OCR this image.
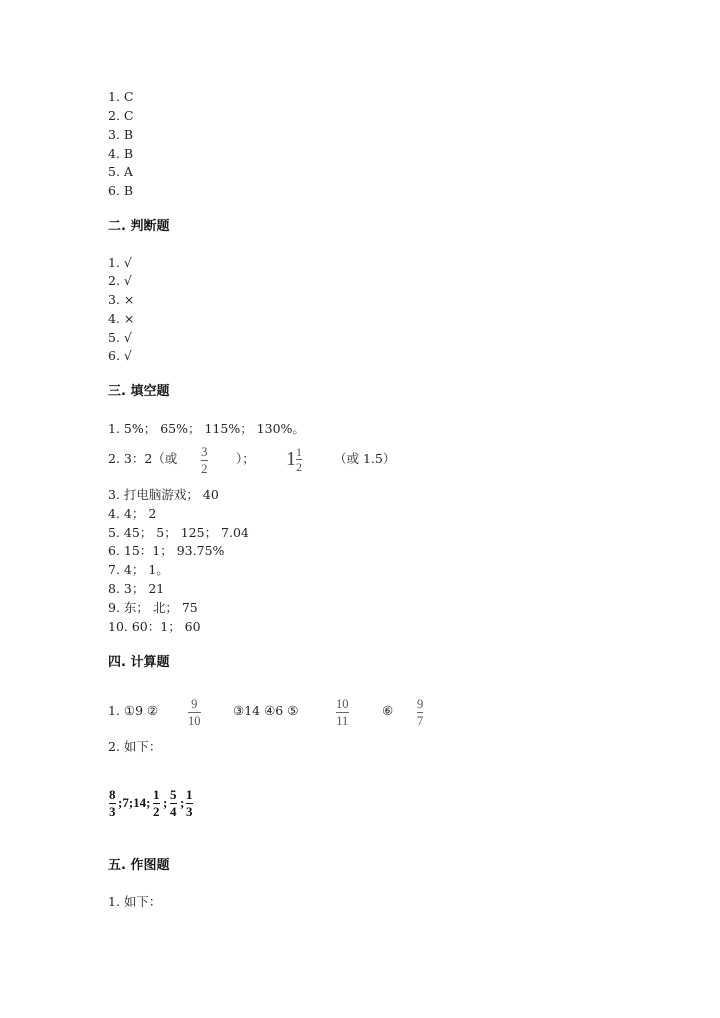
1. C
2. C
3. B
4. B
5. A
6. B
二. 判断题
1. √
2. √
3. ×
4. ×
5. √
6. √
三. 填空题
1. 5%； 65%； 115%； 130%。
2. 3：2（或 3
2
）； 1 1
2
（或 1.5）
3. 打电脑游戏； 40
4. 4； 2
5. 45； 5； 125； 7.04
6. 15：1； 93.75%
7. 4； 1。
8. 3； 21
9. 东； 北； 75
10. 60：1； 60
四. 计算题
1. ①9 ②	9
10
③14 ④6 ⑤	10
11
⑥ 9
7
2. 如下：
8
3
;7;14;
1
2
;
5
4
;
1
3
五. 作图题
1. 如下：
